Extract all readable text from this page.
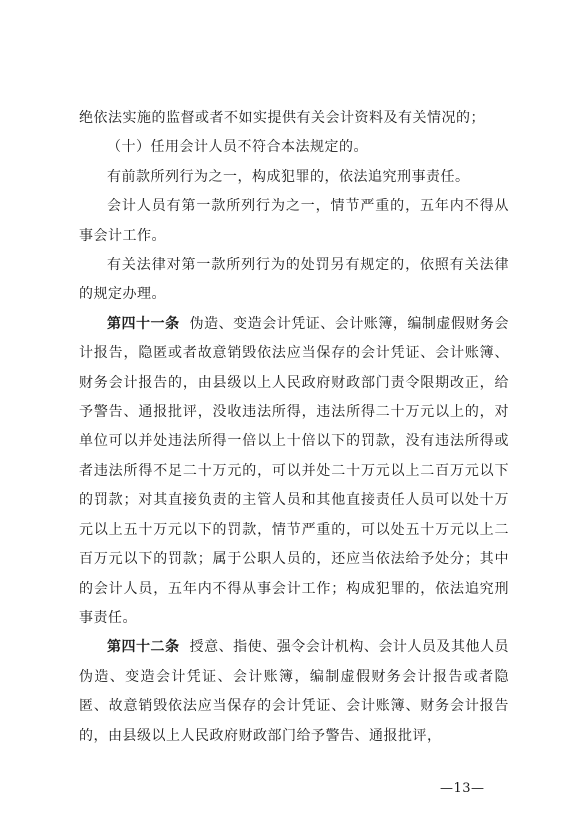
绝依法实施的监督或者不如实提供有关会计资料及有关情况的；

（十）任用会计人员不符合本法规定的。

有前款所列行为之一，构成犯罪的，依法追究刑事责任。

会计人员有第一款所列行为之一，情节严重的，五年内不得从事会计工作。

有关法律对第一款所列行为的处罚另有规定的，依照有关法律的规定办理。

第四十一条 伪造、变造会计凭证、会计账簿，编制虚假财务会计报告，隐匿或者故意销毁依法应当保存的会计凭证、会计账簿、财务会计报告的，由县级以上人民政府财政部门责令限期改正，给予警告、通报批评，没收违法所得，违法所得二十万元以上的，对单位可以并处违法所得一倍以上十倍以下的罚款，没有违法所得或者违法所得不足二十万元的，可以并处二十万元以上二百万元以下的罚款；对其直接负责的主管人员和其他直接责任人员可以处十万元以上五十万元以下的罚款，情节严重的，可以处五十万元以上二百万元以下的罚款；属于公职人员的，还应当依法给予处分；其中的会计人员，五年内不得从事会计工作；构成犯罪的，依法追究刑事责任。

第四十二条 授意、指使、强令会计机构、会计人员及其他人员伪造、变造会计凭证、会计账簿，编制虚假财务会计报告或者隐匿、故意销毁依法应当保存的会计凭证、会计账簿、财务会计报告的，由县级以上人民政府财政部门给予警告、通报批评，

—13—
